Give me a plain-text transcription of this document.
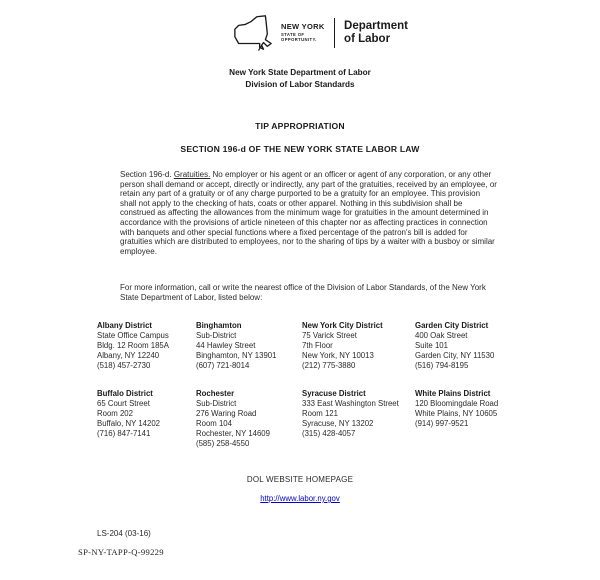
NEW YORK
STATE OF
OPPORTUNITY.
Department
of Labor
New York State Department of Labor
Division of Labor Standards
TIP APPROPRIATION
SECTION 196-d OF THE NEW YORK STATE LABOR LAW
Section 196-d. Gratuities. No employer or his agent or an officer or agent of any corporation, or any other person shall demand or accept, directly or indirectly, any part of the gratuities, received by an employee, or retain any part of a gratuity or of any charge purported to be a gratuity for an employee. This provision shall not apply to the checking of hats, coats or other apparel. Nothing in this subdivision shall be construed as affecting the allowances from the minimum wage for gratuities in the amount determined in accordance with the provisions of article nineteen of this chapter nor as affecting practices in connection with banquets and other special functions where a fixed percentage of the patron's bill is added for gratuities which are distributed to employees, nor to the sharing of tips by a waiter with a busboy or similar employee.
For more information, call or write the nearest office of the Division of Labor Standards, of the New York State Department of Labor, listed below:
Albany District
State Office Campus
Bldg. 12 Room 185A
Albany, NY 12240
(518) 457-2730
Binghamton
Sub-District
44 Hawley Street
Binghamton, NY 13901
(607) 721-8014
New York City District
75 Varick Street
7th Floor
New York, NY 10013
(212) 775-3880
Garden City District
400 Oak Street
Suite 101
Garden City, NY 11530
(516) 794-8195
Buffalo District
65 Court Street
Room 202
Buffalo, NY 14202
(716) 847-7141
Rochester
Sub-District
276 Waring Road
Room 104
Rochester, NY 14609
(585) 258-4550
Syracuse District
333 East Washington Street
Room 121
Syracuse, NY 13202
(315) 428-4057
White Plains District
120 Bloomingdale Road
White Plains, NY 10605
(914) 997-9521
DOL WEBSITE HOMEPAGE
http://www.labor.ny.gov
LS-204 (03-16)
SP-NY-TAPP-Q-99229
